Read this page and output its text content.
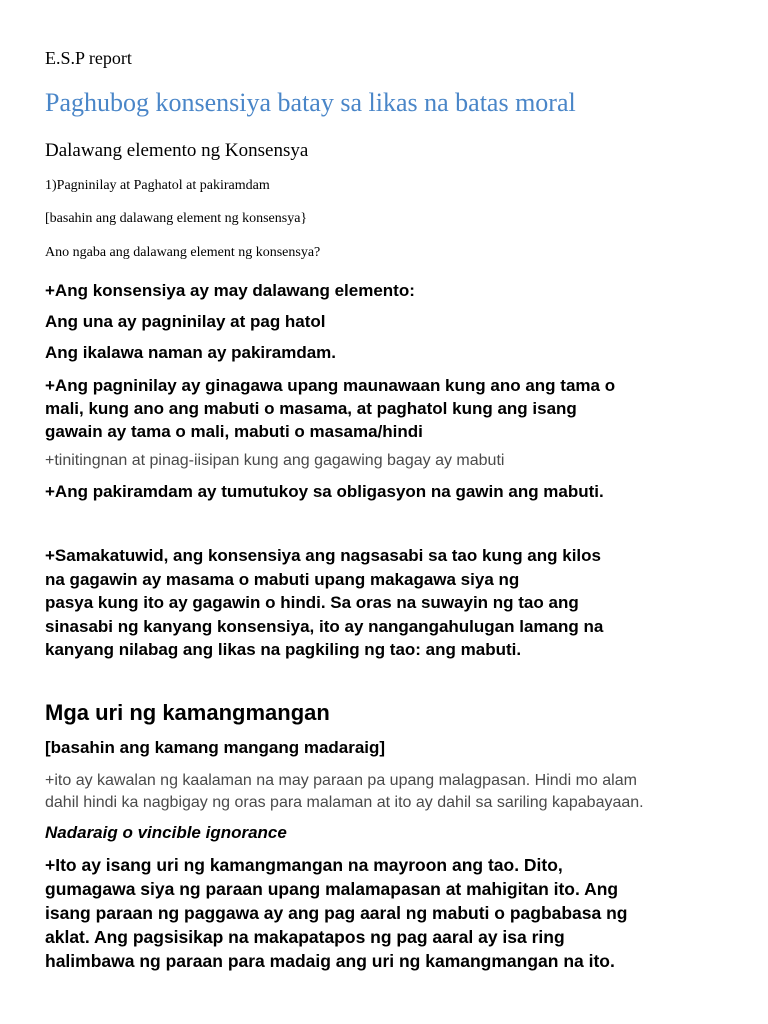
E.S.P report
Paghubog konsensiya batay sa likas na batas moral
Dalawang elemento ng Konsensya
1)Pagninilay at Paghatol at pakiramdam
[basahin ang dalawang element ng konsensya}
Ano ngaba ang dalawang element ng konsensya?
+Ang konsensiya ay may dalawang elemento:
Ang una ay pagninilay at pag hatol
Ang ikalawa naman ay pakiramdam.
+Ang pagninilay ay ginagawa upang maunawaan kung ano ang tama o
mali, kung ano ang mabuti o masama, at paghatol kung ang isang
gawain ay tama o mali, mabuti o masama/hindi
+tinitingnan at pinag-iisipan kung ang gagawing bagay ay mabuti
+Ang pakiramdam ay tumutukoy sa obligasyon na gawin ang mabuti.
+Samakatuwid, ang konsensiya ang nagsasabi sa tao kung ang kilos
na gagawin ay masama o mabuti upang makagawa siya ng
pasya kung ito ay gagawin o hindi. Sa oras na suwayin ng tao ang
sinasabi ng kanyang konsensiya, ito ay nangangahulugan lamang na
kanyang nilabag ang likas na pagkiling ng tao: ang mabuti.
Mga uri ng kamangmangan
[basahin ang kamang mangang madaraig]
+ito ay kawalan ng kaalaman na may paraan pa upang malagpasan. Hindi mo alam
dahil hindi ka nagbigay ng oras para malaman at ito ay dahil sa sariling kapabayaan.
Nadaraig o vincible ignorance
+Ito ay isang uri ng kamangmangan na mayroon ang tao. Dito,
gumagawa siya ng paraan upang malamapasan at mahigitan ito. Ang
isang paraan ng paggawa ay ang pag aaral ng mabuti o pagbabasa ng
aklat. Ang pagsisikap na makapatapos ng pag aaral ay isa ring
halimbawa ng paraan para madaig ang uri ng kamangmangan na ito.
